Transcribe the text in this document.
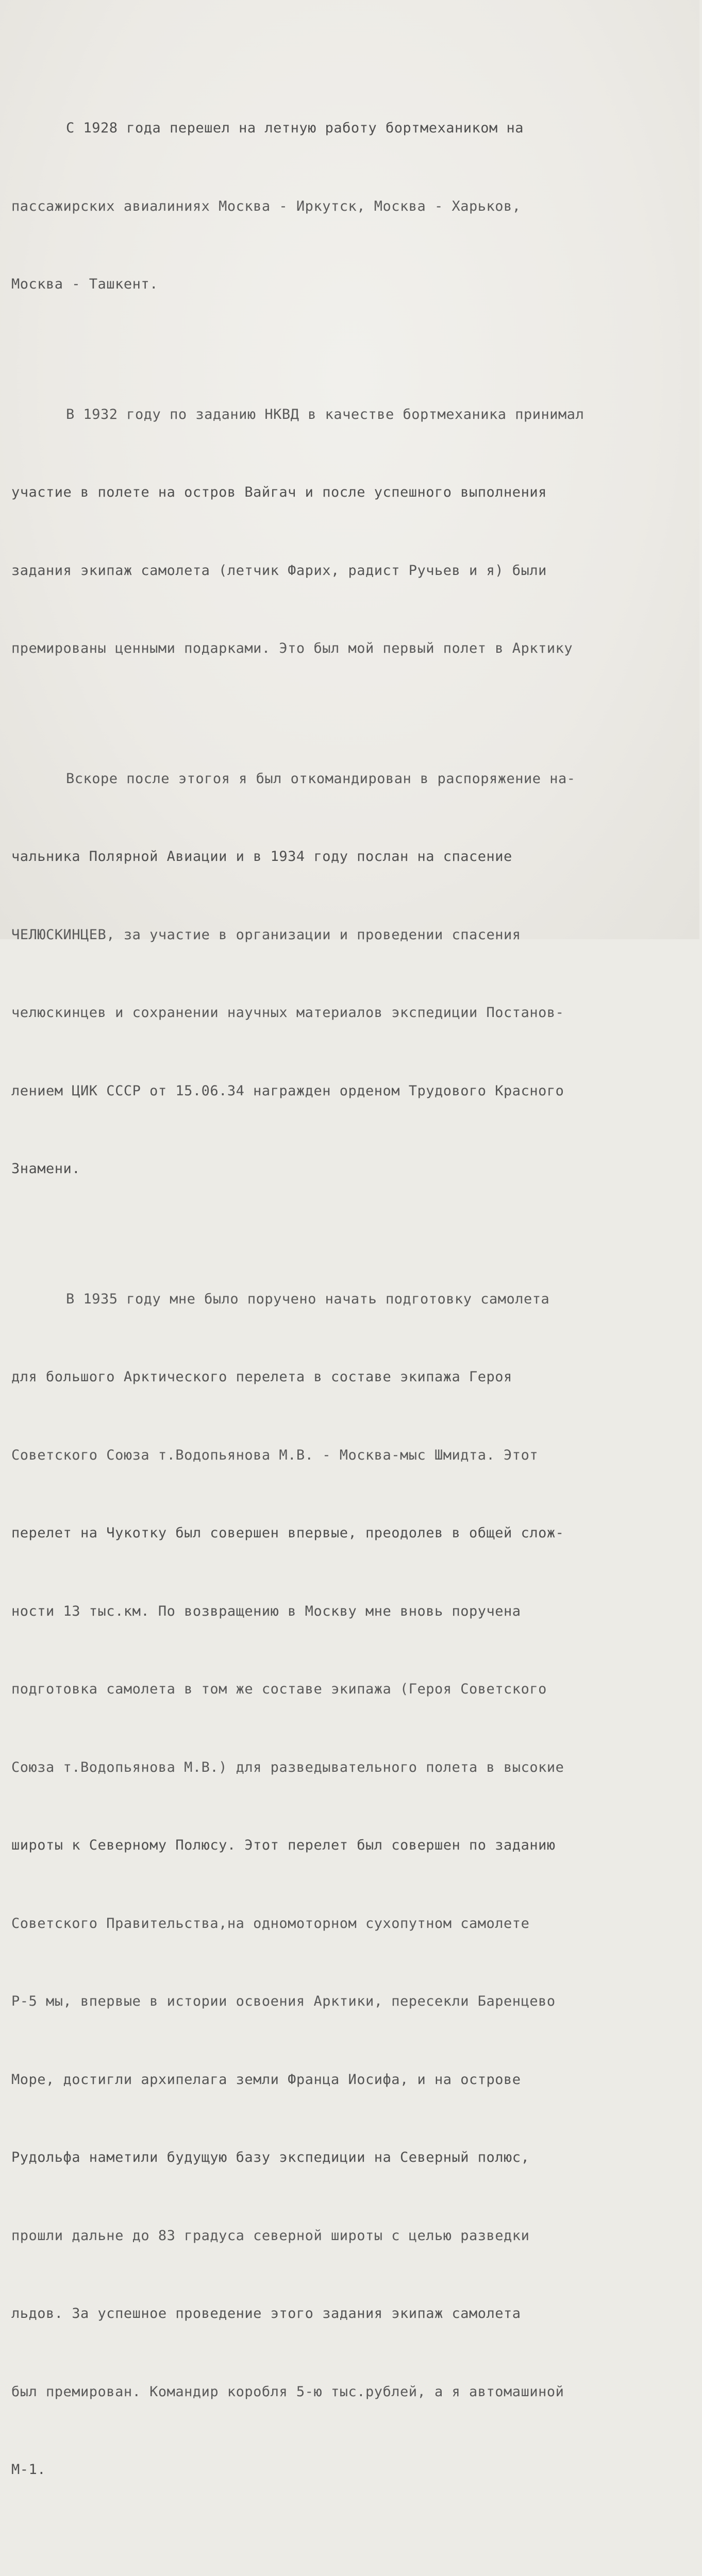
С 1928 года перешел на летную работу бортмехаником на

пассажирских авиалиниях Москва - Иркутск, Москва - Харьков,

Москва - Ташкент.

В 1932 году по заданию НКВД в качестве бортмеханика принимал

участие в полете на остров Вайгач и после успешного выполнения

задания экипаж самолета (летчик Фарих, радист Ручьев и я) были

премированы ценными подарками. Это был мой первый полет в Арктику

Вскоре после этогоя я был откомандирован в распоряжение на-

чальника Полярной Авиации и в 1934 году послан на спасение

ЧЕЛЮСКИНЦЕВ, за участие в организации и проведении спасения

челюскинцев и сохранении научных материалов экспедиции Постанов-

лением ЦИК СССР от 15.06.34 награжден орденом Трудового Красного

Знамени.

В 1935 году мне было поручено начать подготовку самолета

для большого Арктического перелета в составе экипажа Героя

Советского Союза т.Водопьянова М.В. - Москва-мыс Шмидта. Этот

перелет на Чукотку был совершен впервые, преодолев в общей слож-

ности 13 тыс.км. По возвращению в Москву мне вновь поручена

подготовка самолета в том же составе экипажа (Героя Советского

Союза т.Водопьянова М.В.) для разведывательного полета в высокие

широты к Северному Полюсу. Этот перелет был совершен по заданию

Советского Правительства,на одномоторном сухопутном самолете

Р-5 мы, впервые в истории освоения Арктики, пересекли Баренцево

Море, достигли архипелага земли Франца Иосифа, и на острове

Рудольфа наметили будущую базу экспедиции на Северный полюс,

прошли дальне до 83 градуса северной широты с целью разведки

льдов. За успешное проведение этого задания экипаж самолета

был премирован. Командир коробля 5-ю тыс.рублей, а я автомашиной

М-1.
